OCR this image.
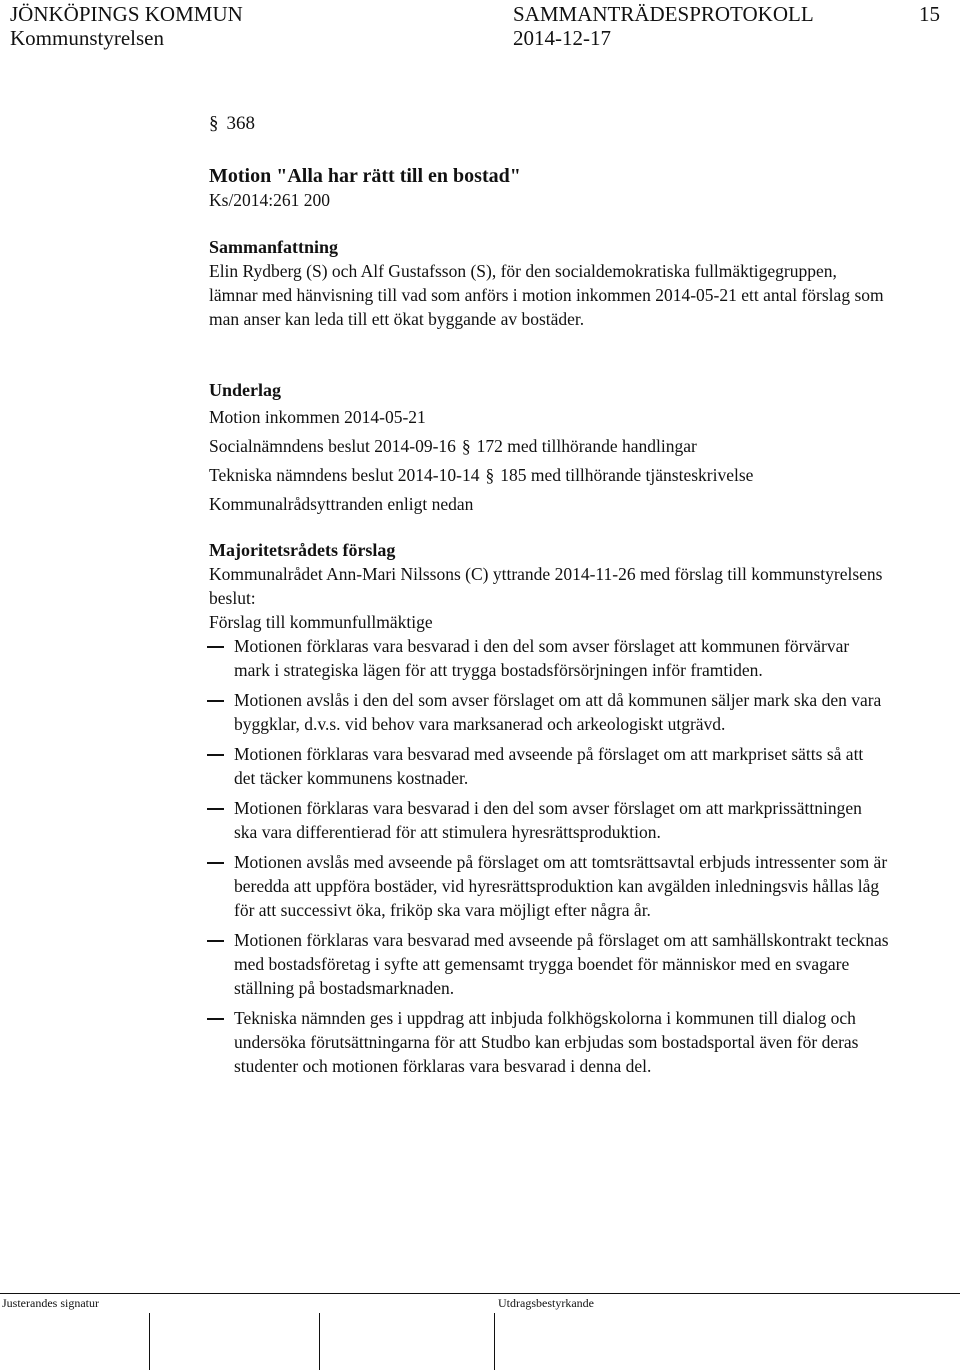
JÖNKÖPINGS KOMMUN
Kommunstyrelsen
SAMMANTRÄDESPROTOKOLL
2014-12-17
15
§ 368
Motion "Alla har rätt till en bostad"
Ks/2014:261 200
Sammanfattning

Elin Rydberg (S) och Alf Gustafsson (S), för den socialdemokratiska fullmäktigegruppen, lämnar med hänvisning till vad som anförs i motion inkommen 2014-05-21 ett antal förslag som man anser kan leda till ett ökat byggande av bostäder.

Underlag
Motion inkommen 2014-05-21
Socialnämndens beslut 2014-09-16 § 172 med tillhörande handlingar
Tekniska nämndens beslut 2014-10-14 § 185 med tillhörande tjänsteskrivelse
Kommunalrådsyttranden enligt nedan
Majoritetsrådets förslag

Kommunalrådet Ann-Mari Nilssons (C) yttrande 2014-11-26 med förslag till kommunstyrelsens beslut:

Förslag till kommunfullmäktige
Motionen förklaras vara besvarad i den del som avser förslaget att kommunen förvärvar mark i strategiska lägen för att trygga bostadsförsörjningen inför framtiden.
Motionen avslås i den del som avser förslaget om att då kommunen säljer mark ska den vara byggklar, d.v.s. vid behov vara marksanerad och arkeologiskt utgrävd.
Motionen förklaras vara besvarad med avseende på förslaget om att markpriset sätts så att det täcker kommunens kostnader.
Motionen förklaras vara besvarad i den del som avser förslaget om att markprissättningen ska vara differentierad för att stimulera hyresrättsproduktion.
Motionen avslås med avseende på förslaget om att tomtsrättsavtal erbjuds intressenter som är beredda att uppföra bostäder, vid hyresrättsproduktion kan avgälden inledningsvis hållas låg för att successivt öka, friköp ska vara möjligt efter några år.
Motionen förklaras vara besvarad med avseende på förslaget om att samhällskontrakt tecknas med bostadsföretag i syfte att gemensamt trygga boendet för människor med en svagare ställning på bostadsmarknaden.
Tekniska nämnden ges i uppdrag att inbjuda folkhögskolorna i kommunen till dialog och undersöka förutsättningarna för att Studbo kan erbjudas som bostadsportal även för deras studenter och motionen förklaras vara besvarad i denna del.
Justerandes signatur	Utdragsbestyrkande
